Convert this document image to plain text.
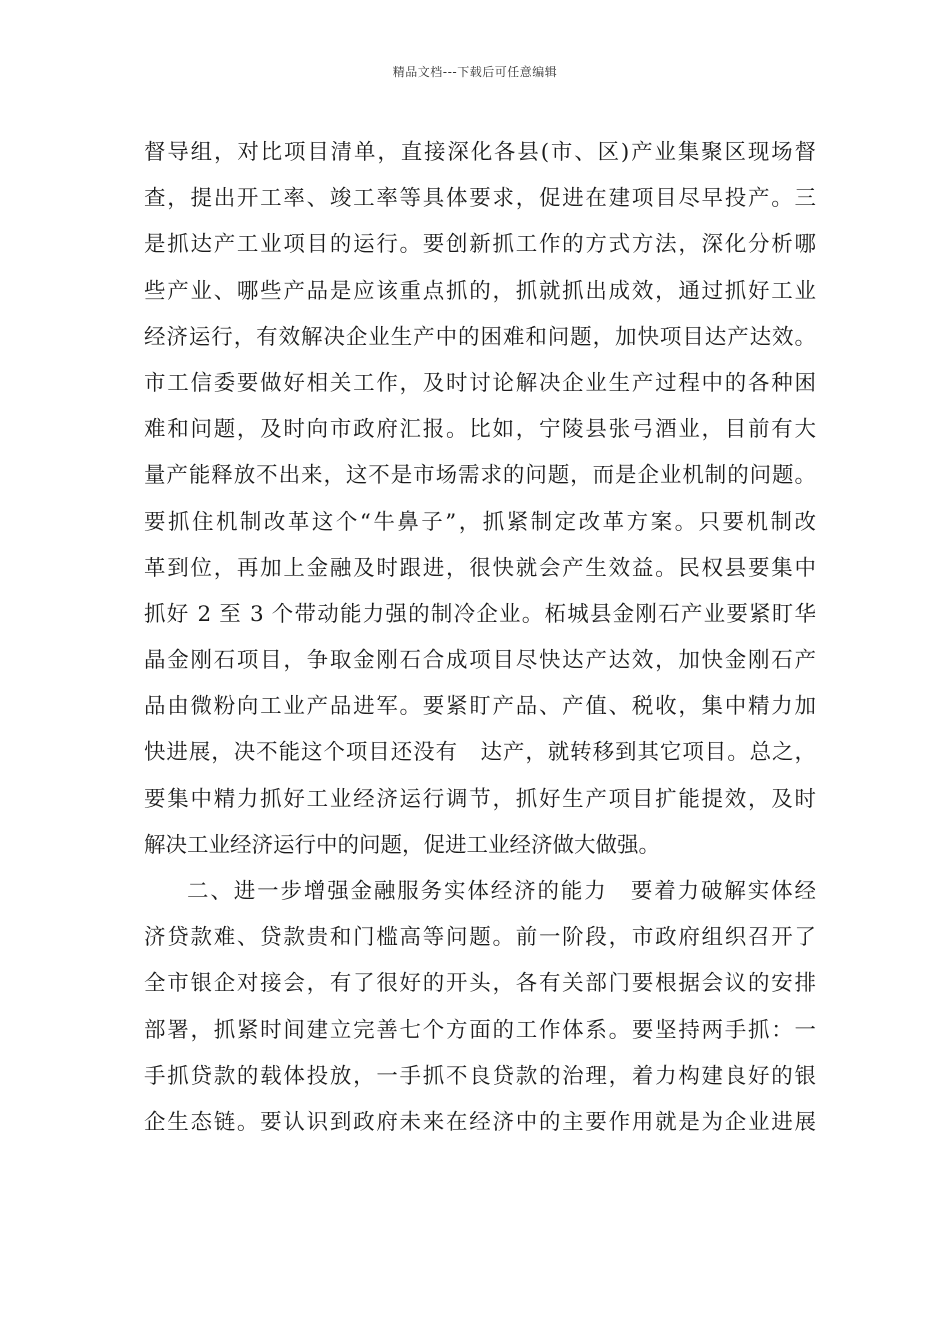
精品文档---下载后可任意编辑
督导组，对比项目清单，直接深化各县(市、区)产业集聚区现场督
查，提出开工率、竣工率等具体要求，促进在建项目尽早投产。三
是抓达产工业项目的运行。要创新抓工作的方式方法，深化分析哪
些产业、哪些产品是应该重点抓的，抓就抓出成效，通过抓好工业
经济运行，有效解决企业生产中的困难和问题，加快项目达产达效。
市工信委要做好相关工作，及时讨论解决企业生产过程中的各种困
难和问题，及时向市政府汇报。比如，宁陵县张弓酒业，目前有大
量产能释放不出来，这不是市场需求的问题，而是企业机制的问题。
要抓住机制改革这个“牛鼻子”，抓紧制定改革方案。只要机制改
革到位，再加上金融及时跟进，很快就会产生效益。民权县要集中
抓好 2 至 3 个带动能力强的制冷企业。柘城县金刚石产业要紧盯华
晶金刚石项目，争取金刚石合成项目尽快达产达效，加快金刚石产
品由微粉向工业产品进军。要紧盯产品、产值、税收，集中精力加
快进展，决不能这个项目还没有　达产，就转移到其它项目。总之，
要集中精力抓好工业经济运行调节，抓好生产项目扩能提效，及时
解决工业经济运行中的问题，促进工业经济做大做强。
二、进一步增强金融服务实体经济的能力　要着力破解实体经
济贷款难、贷款贵和门槛高等问题。前一阶段，市政府组织召开了
全市银企对接会，有了很好的开头，各有关部门要根据会议的安排
部署，抓紧时间建立完善七个方面的工作体系。要坚持两手抓：一
手抓贷款的载体投放，一手抓不良贷款的治理，着力构建良好的银
企生态链。要认识到政府未来在经济中的主要作用就是为企业进展
